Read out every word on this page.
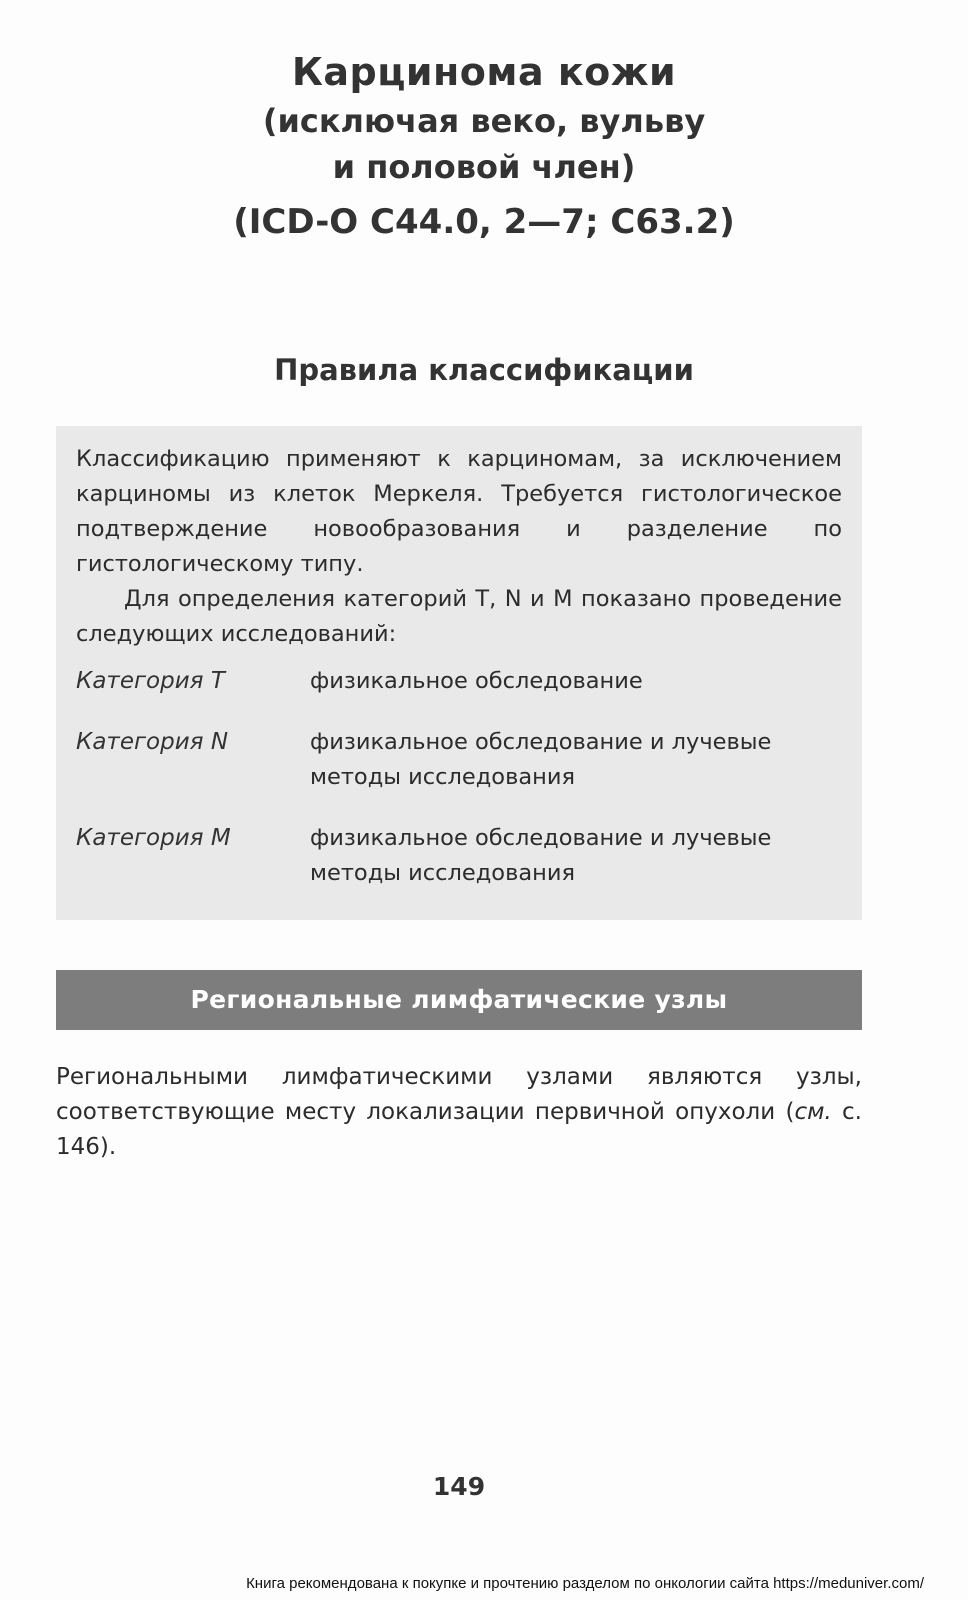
Карцинома кожи
(исключая веко, вульву
и половой член)
(ICD-O C44.0, 2—7; C63.2)
Правила классификации

Классификацию применяют к карциномам, за исключением карциномы из клеток Меркеля. Требуется гистологическое подтверждение новообразования и разделение по гистологическому типу.

Для определения категорий T, N и M показано проведение следующих исследований:

Категория T	физикальное обследование
Категория N	физикальное обследование и лучевые методы исследования
Категория M	физикальное обследование и лучевые методы исследования
Региональные лимфатические узлы

Региональными лимфатическими узлами являются узлы, соответствующие месту локализации первичной опухоли (см. с. 146).

149
Книга рекомендована к покупке и прочтению разделом по онкологии сайта https://meduniver.com/
